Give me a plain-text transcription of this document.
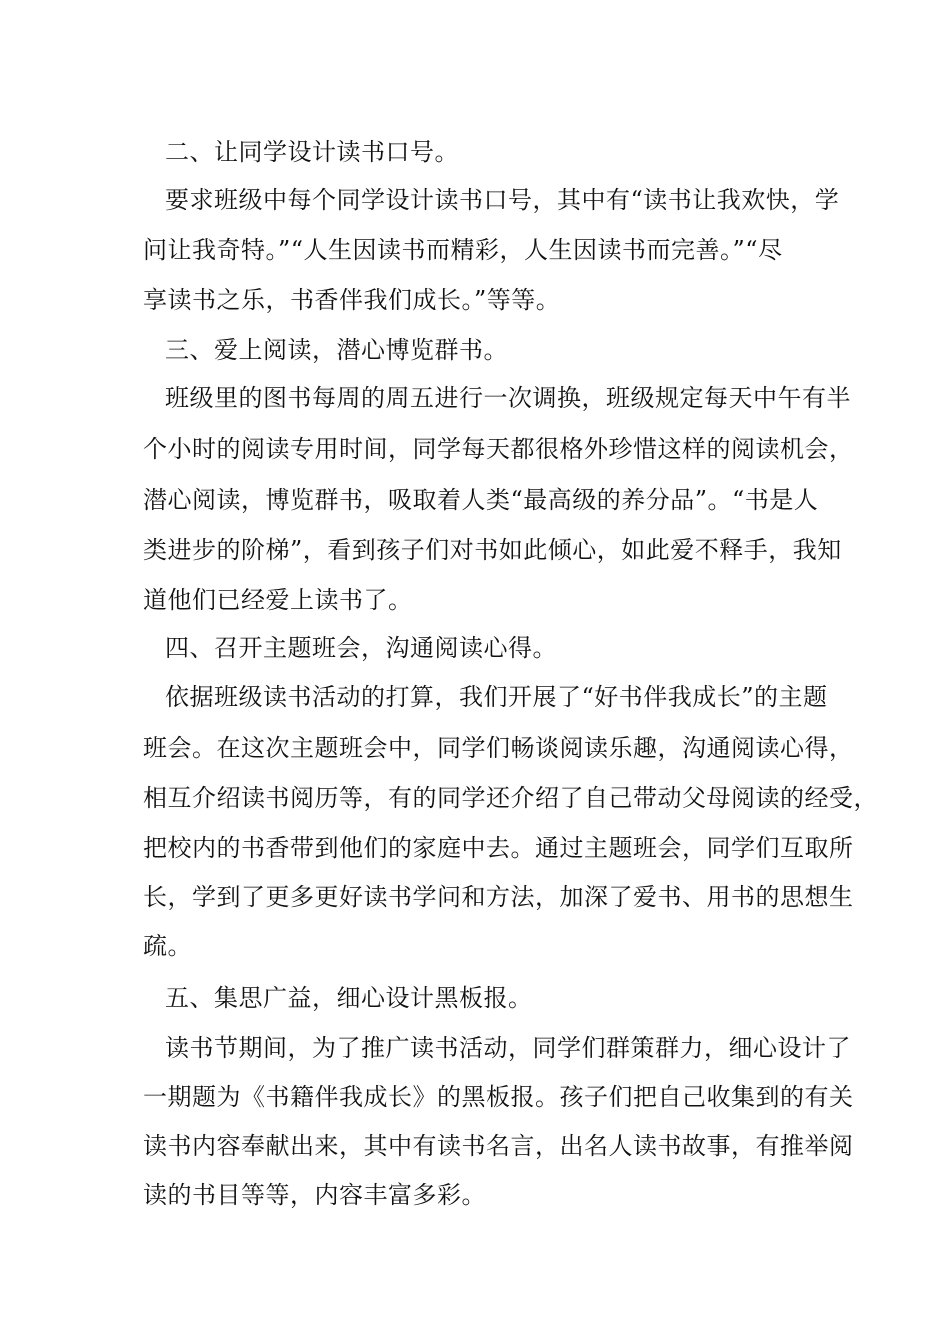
二、让同学设计读书口号。

要求班级中每个同学设计读书口号，其中有“读书让我欢快，学

问让我奇特。”“人生因读书而精彩，人生因读书而完善。”“尽

享读书之乐，书香伴我们成长。”等等。

三、爱上阅读，潜心博览群书。

班级里的图书每周的周五进行一次调换，班级规定每天中午有半

个小时的阅读专用时间，同学每天都很格外珍惜这样的阅读机会，

潜心阅读，博览群书，吸取着人类“最高级的养分品”。“书是人

类进步的阶梯”，看到孩子们对书如此倾心，如此爱不释手，我知

道他们已经爱上读书了。

四、召开主题班会，沟通阅读心得。

依据班级读书活动的打算，我们开展了“好书伴我成长”的主题

班会。在这次主题班会中，同学们畅谈阅读乐趣，沟通阅读心得，

相互介绍读书阅历等，有的同学还介绍了自己带动父母阅读的经受，

把校内的书香带到他们的家庭中去。通过主题班会，同学们互取所

长，学到了更多更好读书学问和方法，加深了爱书、用书的思想生

疏。

五、集思广益，细心设计黑板报。

读书节期间，为了推广读书活动，同学们群策群力，细心设计了

一期题为《书籍伴我成长》的黑板报。孩子们把自己收集到的有关

读书内容奉献出来，其中有读书名言，出名人读书故事，有推举阅

读的书目等等，内容丰富多彩。
